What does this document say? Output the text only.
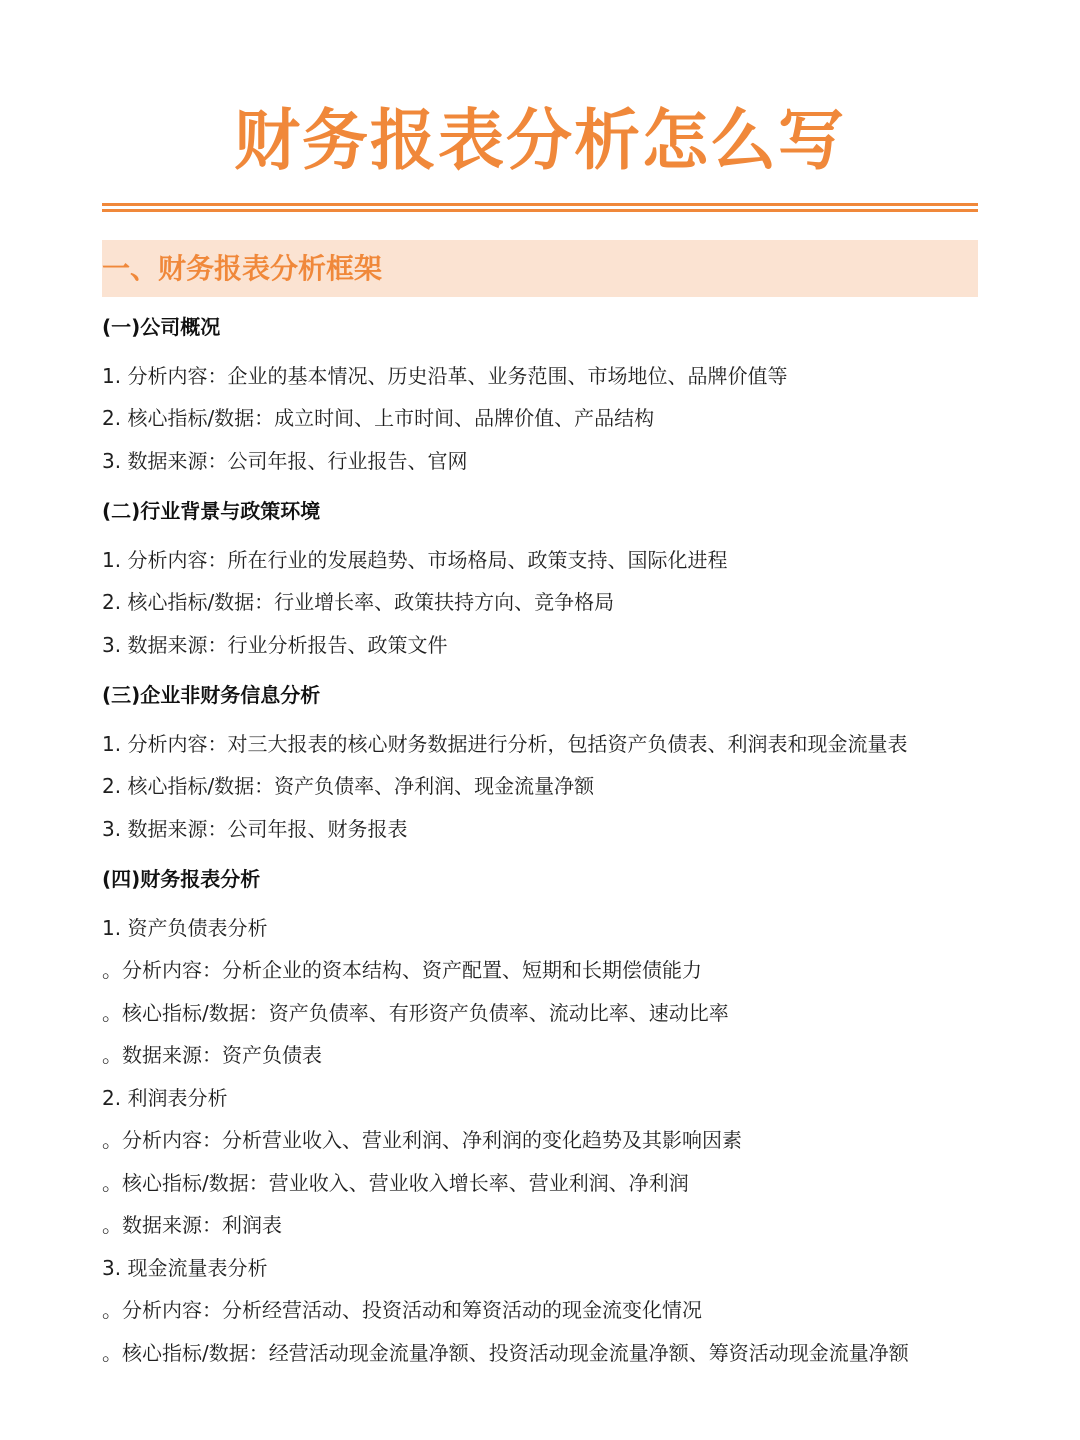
财务报表分析怎么写
一、财务报表分析框架
(一)公司概况
1. 分析内容：企业的基本情况、历史沿革、业务范围、市场地位、品牌价值等
2. 核心指标/数据：成立时间、上市时间、品牌价值、产品结构
3. 数据来源：公司年报、行业报告、官网
(二)行业背景与政策环境
1. 分析内容：所在行业的发展趋势、市场格局、政策支持、国际化进程
2. 核心指标/数据：行业增长率、政策扶持方向、竞争格局
3. 数据来源：行业分析报告、政策文件
(三)企业非财务信息分析
1. 分析内容：对三大报表的核心财务数据进行分析，包括资产负债表、利润表和现金流量表
2. 核心指标/数据：资产负债率、净利润、现金流量净额
3. 数据来源：公司年报、财务报表
(四)财务报表分析
1. 资产负债表分析
。分析内容：分析企业的资本结构、资产配置、短期和长期偿债能力
。核心指标/数据：资产负债率、有形资产负债率、流动比率、速动比率
。数据来源：资产负债表
2. 利润表分析
。分析内容：分析营业收入、营业利润、净利润的变化趋势及其影响因素
。核心指标/数据：营业收入、营业收入增长率、营业利润、净利润
。数据来源：利润表
3. 现金流量表分析
。分析内容：分析经营活动、投资活动和筹资活动的现金流变化情况
。核心指标/数据：经营活动现金流量净额、投资活动现金流量净额、筹资活动现金流量净额
